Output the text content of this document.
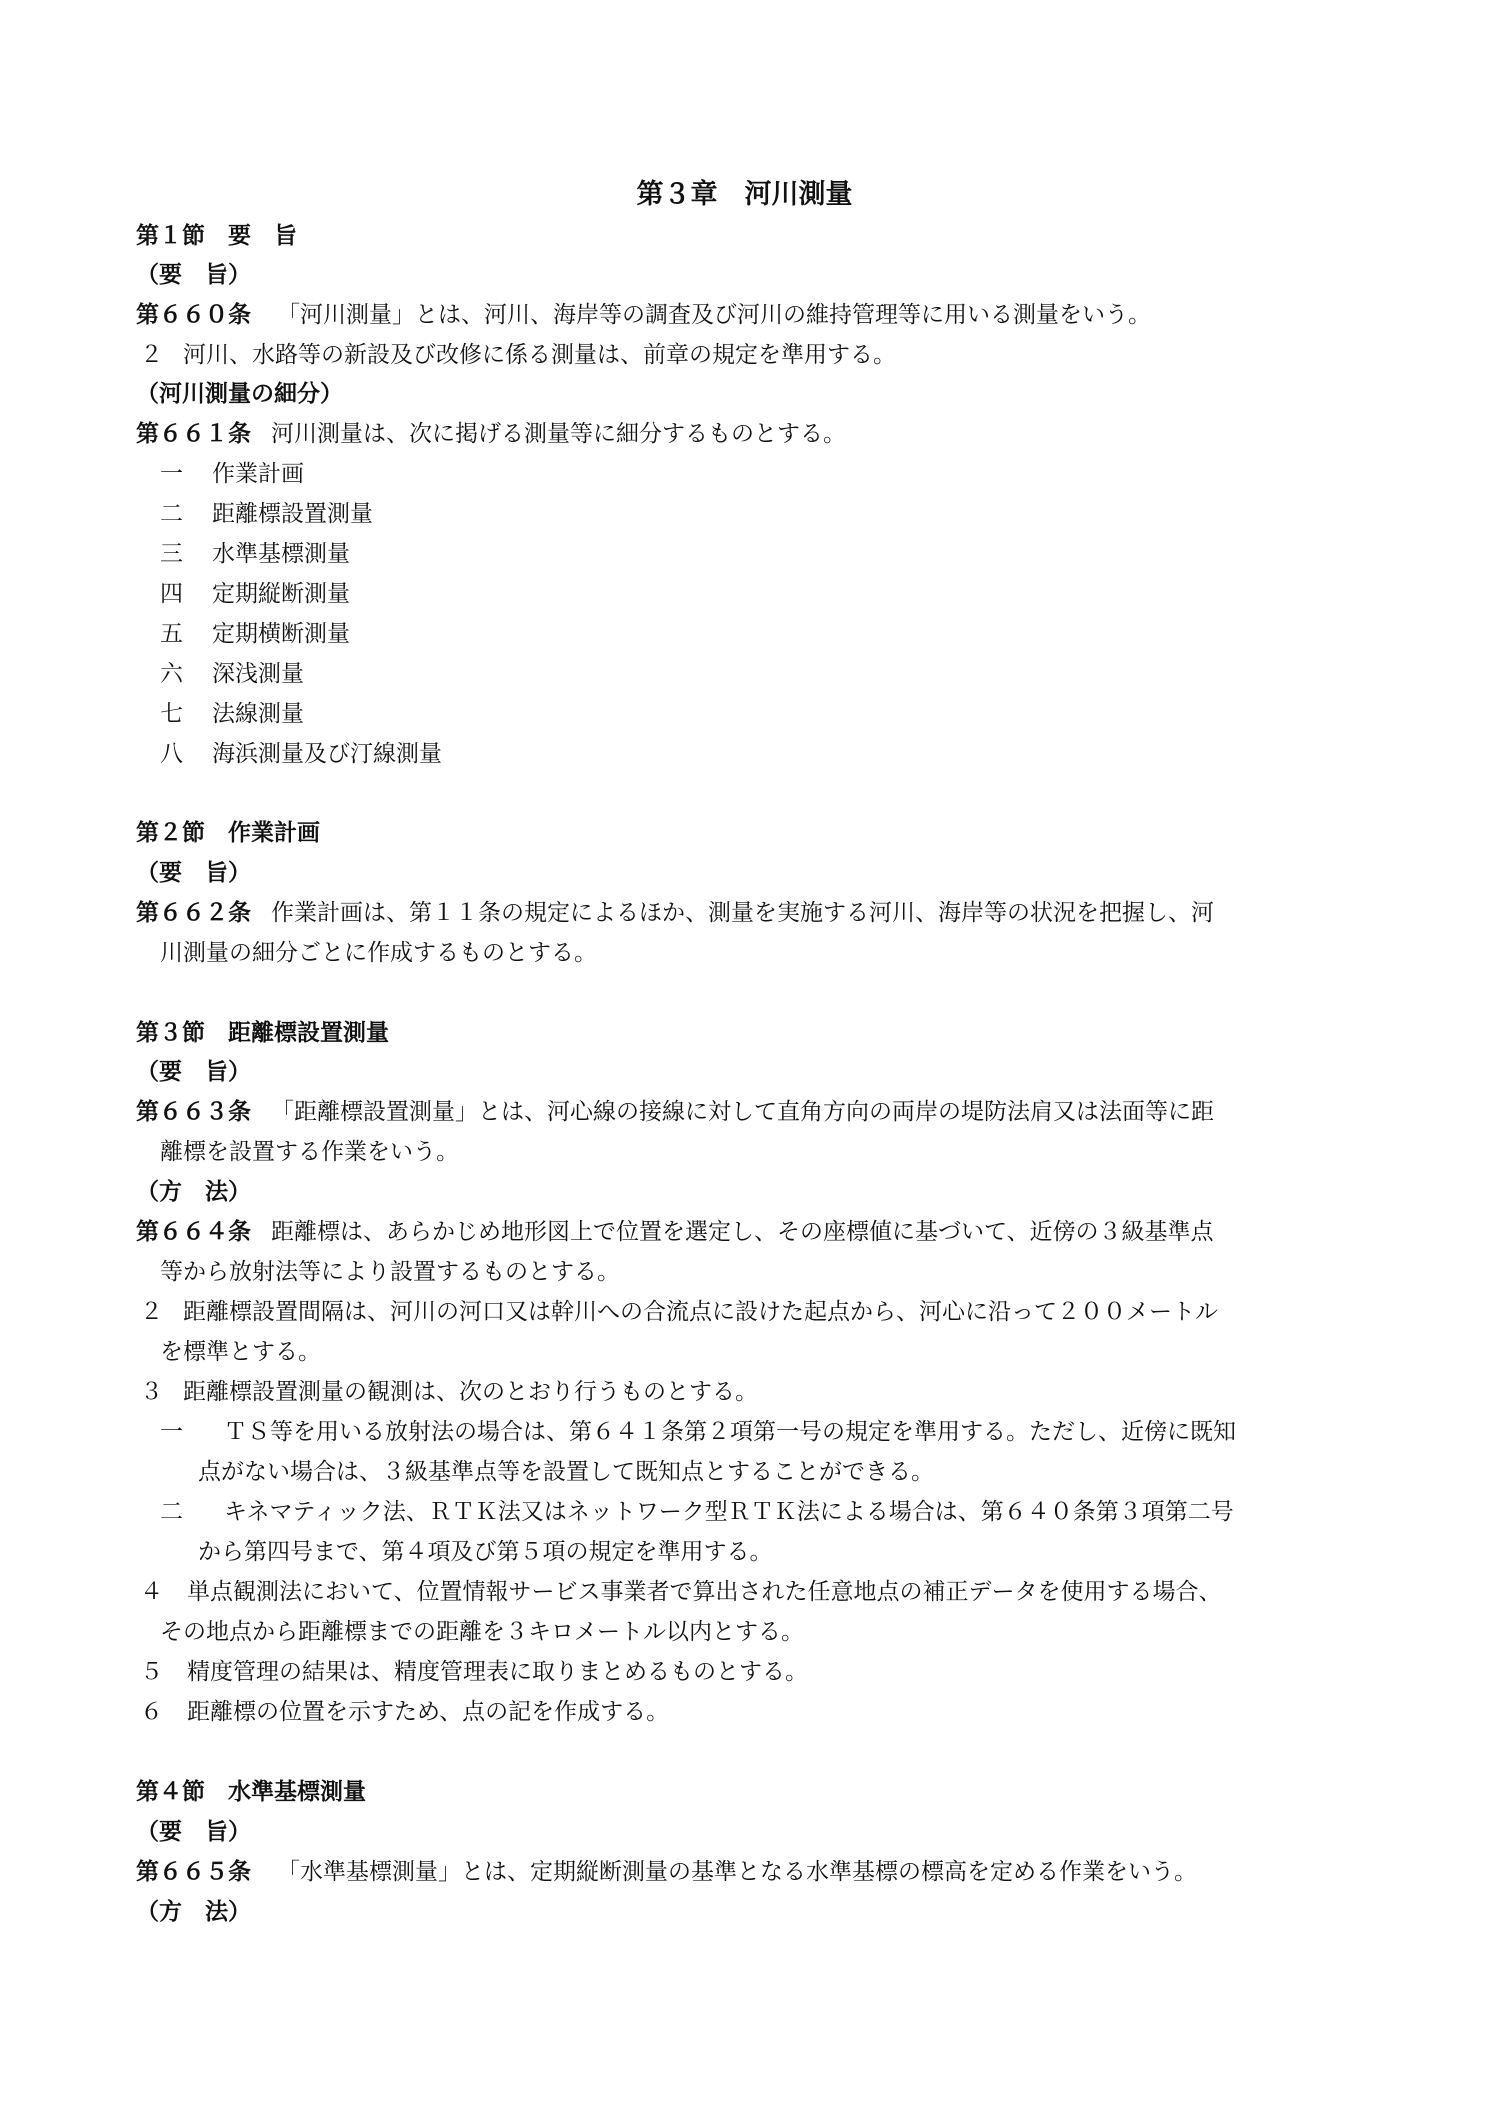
第３章　河川測量
第１節　要　旨
（要　旨）
第６６０条 「河川測量」とは、河川、海岸等の調査及び河川の維持管理等に用いる測量をいう。
２ 河川、水路等の新設及び改修に係る測量は、前章の規定を準用する。
（河川測量の細分）
第６６１条 河川測量は、次に掲げる測量等に細分するものとする。
一 作業計画
二 距離標設置測量
三 水準基標測量
四 定期縦断測量
五 定期横断測量
六 深浅測量
七 法線測量
八 海浜測量及び汀線測量
第２節　作業計画
（要　旨）
第６６２条 作業計画は、第１１条の規定によるほか、測量を実施する河川、海岸等の状況を把握し、河
川測量の細分ごとに作成するものとする。
第３節　距離標設置測量
（要　旨）
第６６３条 「距離標設置測量」とは、河心線の接線に対して直角方向の両岸の堤防法肩又は法面等に距
離標を設置する作業をいう。
（方　法）
第６６４条 距離標は、あらかじめ地形図上で位置を選定し、その座標値に基づいて、近傍の３級基準点
等から放射法等により設置するものとする。
２ 距離標設置間隔は、河川の河口又は幹川への合流点に設けた起点から、河心に沿って２００メートル
を標準とする。
３ 距離標設置測量の観測は、次のとおり行うものとする。
一 ＴＳ等を用いる放射法の場合は、第６４１条第２項第一号の規定を準用する。ただし、近傍に既知
点がない場合は、３級基準点等を設置して既知点とすることができる。
二 キネマティック法、ＲＴＫ法又はネットワーク型ＲＴＫ法による場合は、第６４０条第３項第二号
から第四号まで、第４項及び第５項の規定を準用する。
４ 単点観測法において、位置情報サービス事業者で算出された任意地点の補正データを使用する場合、
その地点から距離標までの距離を３キロメートル以内とする。
５ 精度管理の結果は、精度管理表に取りまとめるものとする。
６ 距離標の位置を示すため、点の記を作成する。
第４節　水準基標測量
（要　旨）
第６６５条 「水準基標測量」とは、定期縦断測量の基準となる水準基標の標高を定める作業をいう。
（方　法）
